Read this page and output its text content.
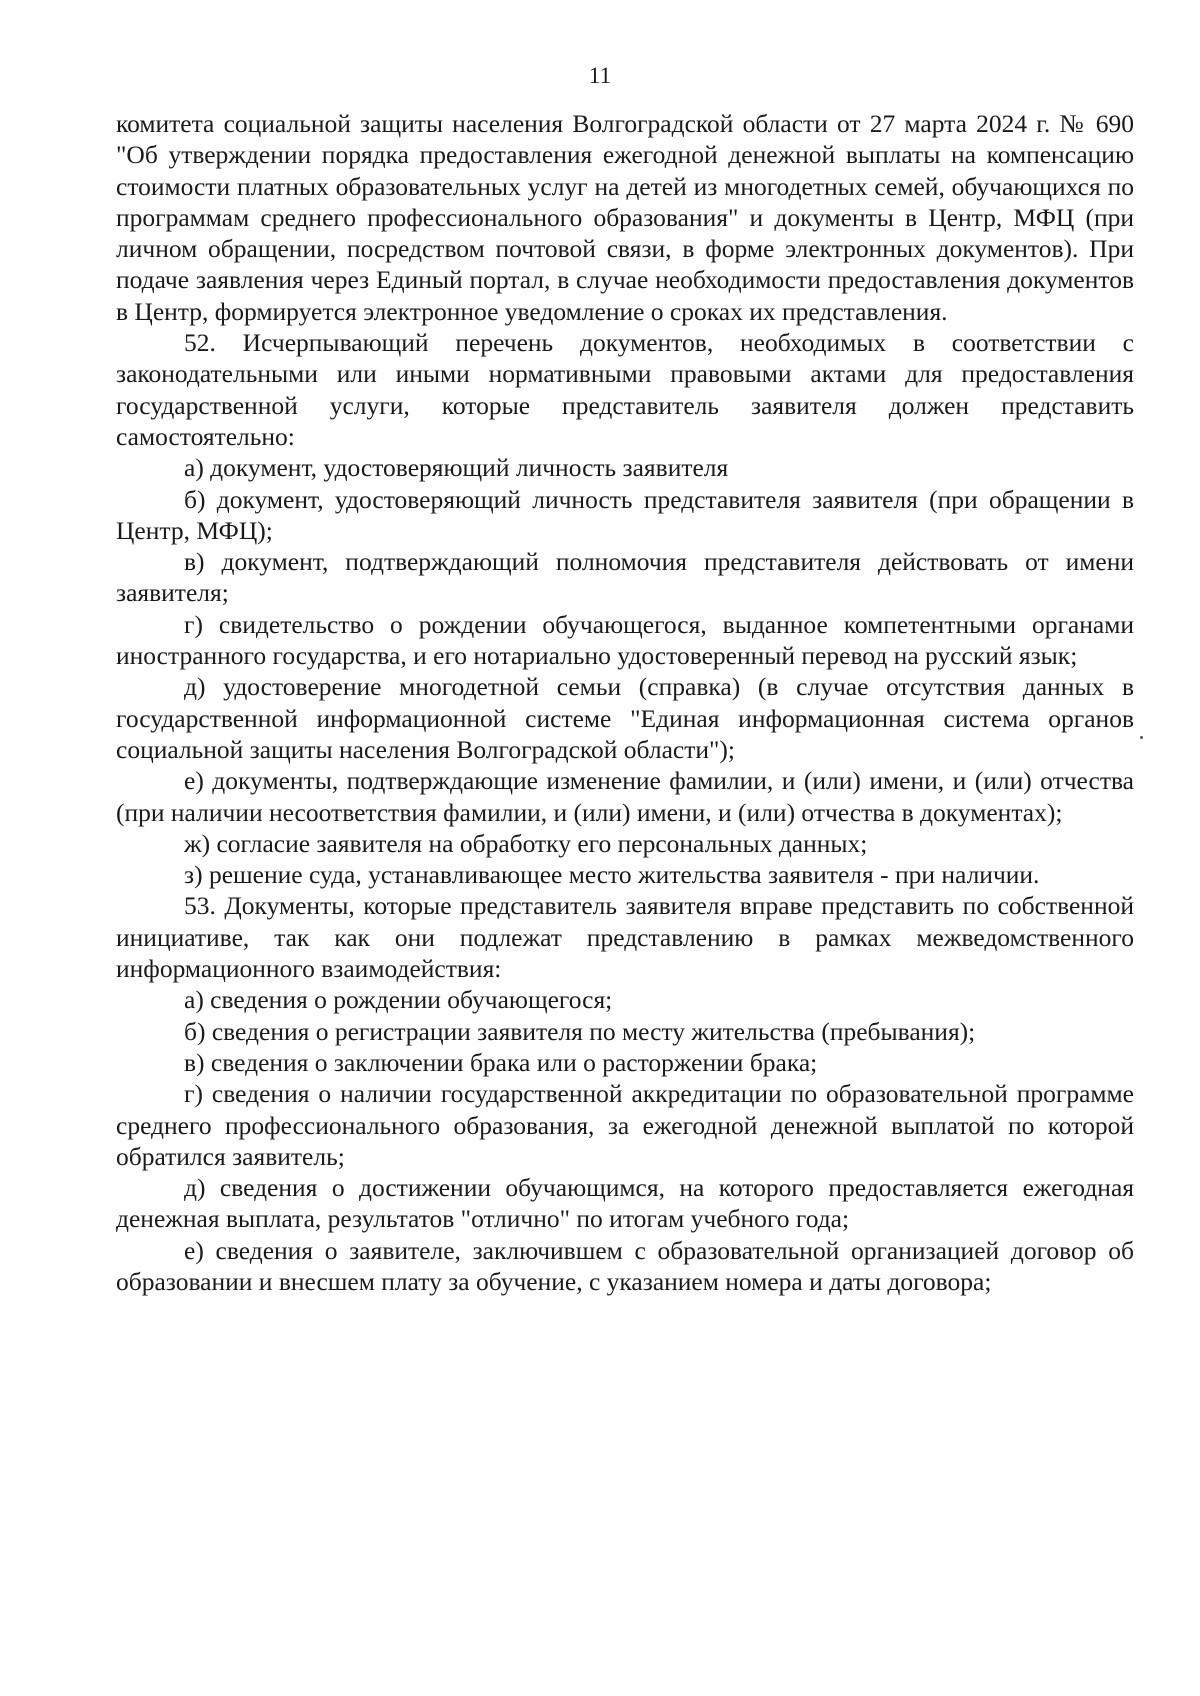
11

комитета социальной защиты населения Волгоградской области от 27 марта 2024 г. № 690 "Об утверждении порядка предоставления ежегодной денежной выплаты на компенсацию стоимости платных образовательных услуг на детей из многодетных семей, обучающихся по программам среднего профессионального образования" и документы в Центр, МФЦ (при личном обращении, посредством почтовой связи, в форме электронных документов). При подаче заявления через Единый портал, в случае необходимости предоставления документов в Центр, формируется электронное уведомление о сроках их представления.

52. Исчерпывающий перечень документов, необходимых в соответствии с законодательными или иными нормативными правовыми актами для предоставления государственной услуги, которые представитель заявителя должен представить самостоятельно:

а) документ, удостоверяющий личность заявителя

б) документ, удостоверяющий личность представителя заявителя (при обращении в Центр, МФЦ);

в) документ, подтверждающий полномочия представителя действовать от имени заявителя;

г) свидетельство о рождении обучающегося, выданное компетентными органами иностранного государства, и его нотариально удостоверенный перевод на русский язык;

д) удостоверение многодетной семьи (справка) (в случае отсутствия данных в государственной информационной системе "Единая информационная система органов социальной защиты населения Волгоградской области");

е) документы, подтверждающие изменение фамилии, и (или) имени, и (или) отчества (при наличии несоответствия фамилии, и (или) имени, и (или) отчества в документах);

ж) согласие заявителя на обработку его персональных данных;

з) решение суда, устанавливающее место жительства заявителя - при наличии.

53. Документы, которые представитель заявителя вправе представить по собственной инициативе, так как они подлежат представлению в рамках межведомственного информационного взаимодействия:

а) сведения о рождении обучающегося;

б) сведения о регистрации заявителя по месту жительства (пребывания);

в) сведения о заключении брака или о расторжении брака;

г) сведения о наличии государственной аккредитации по образовательной программе среднего профессионального образования, за ежегодной денежной выплатой по которой обратился заявитель;

д) сведения о достижении обучающимся, на которого предоставляется ежегодная денежная выплата, результатов "отлично" по итогам учебного года;

е) сведения о заявителе, заключившем с образовательной организацией договор об образовании и внесшем плату за обучение, с указанием номера и даты договора;
